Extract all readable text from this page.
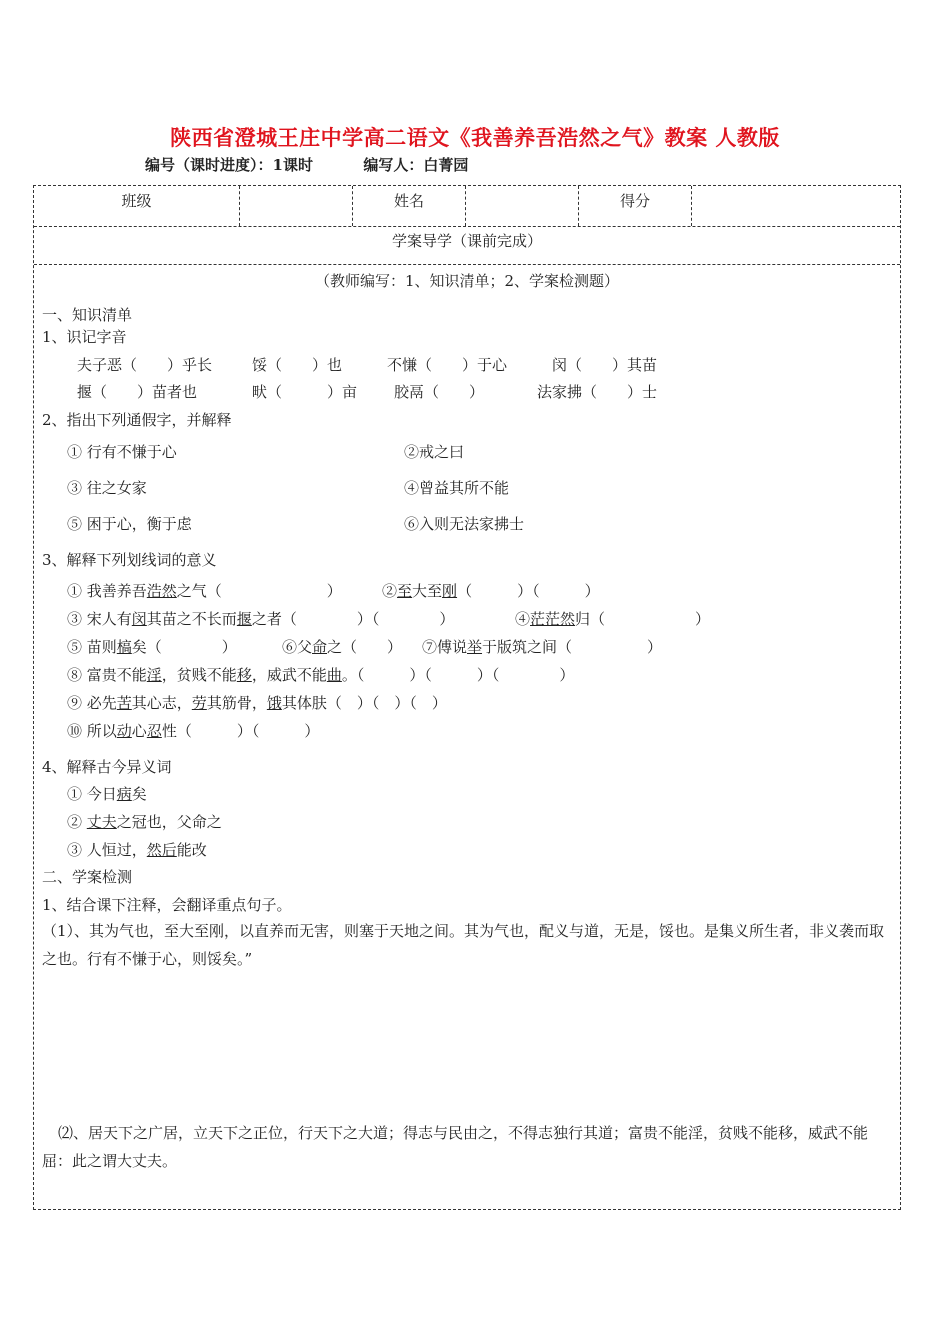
陕西省澄城王庄中学高二语文《我善养吾浩然之气》教案 人教版
编号（课时进度）：1课时	编写人：白菁园
班级	姓名	得分
学案导学（课前完成）
（教师编写：1、知识清单；2、学案检测题）
一、知识清单
1、识记字音
夫子恶（　　）乎长	馁（　　）也	不慊（　　）于心	闵（　　）其苗
揠（　　）苗者也	畎（　　　）亩 胶鬲（　　）	法家拂（　　）士
2、指出下列通假字，并解释
① 行有不慊于心	②戒之曰
③ 往之女家	④曾益其所不能
⑤ 困于心，衡于虑	⑥入则无法家拂士
3、解释下列划线词的意义
① 我善养吾浩然之气（　　　　　　　）	②至大至刚（　　　）（　　　）
③ 宋人有闵其苗之不长而揠之者（　　　　）（　　　　）	④茫茫然归（　　　　　　）
⑤ 苗则槁矣（　　　　）	⑥父命之（　　） ⑦傅说举于版筑之间（　　　　　）
⑧ 富贵不能淫，贫贱不能移，威武不能曲。（　　　）（　　　）（　　　　）
⑨ 必先苦其心志，劳其筋骨，饿其体肤（　）（　）（　）
⑩ 所以动心忍性（　　　）（　　　）
4、解释古今异义词
① 今日病矣
② 丈夫之冠也，父命之
③ 人恒过，然后能改
二、学案检测
1、结合课下注释，会翻译重点句子。
（1）、其为气也，至大至刚，以直养而无害，则塞于天地之间。其为气也，配义与道，无是，馁也。是集义所生者，非义袭而取之也。行有不慊于心，则馁矣。”
⑵、居天下之广居，立天下之正位，行天下之大道；得志与民由之，不得志独行其道；富贵不能淫，贫贱不能移，威武不能屈：此之谓大丈夫。
